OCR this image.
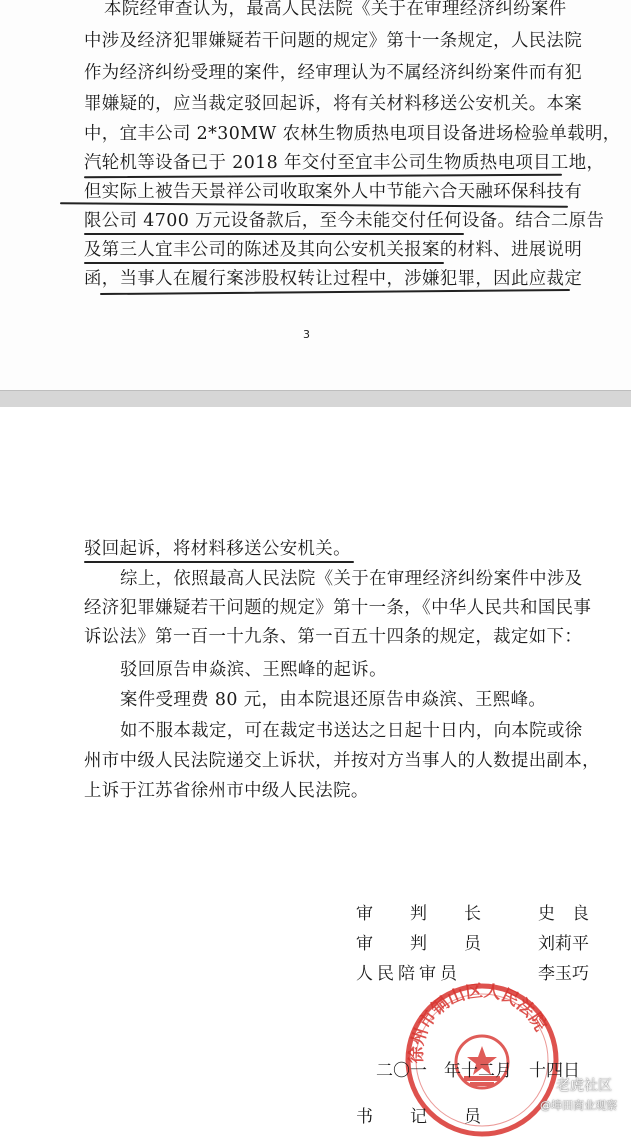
本院经审查认为，最高人民法院《关于在审理经济纠纷案件
中涉及经济犯罪嫌疑若干问题的规定》第十一条规定，人民法院
作为经济纠纷受理的案件，经审理认为不属经济纠纷案件而有犯
罪嫌疑的，应当裁定驳回起诉，将有关材料移送公安机关。本案
中，宜丰公司 2*30MW 农林生物质热电项目设备进场检验单载明，
汽轮机等设备已于 2018 年交付至宜丰公司生物质热电项目工地，
但实际上被告天景祥公司收取案外人中节能六合天融环保科技有
限公司 4700 万元设备款后，至今未能交付任何设备。结合二原告
及第三人宜丰公司的陈述及其向公安机关报案的材料、进展说明
函，当事人在履行案涉股权转让过程中，涉嫌犯罪，因此应裁定
3
驳回起诉，将材料移送公安机关。
综上，依照最高人民法院《关于在审理经济纠纷案件中涉及
经济犯罪嫌疑若干问题的规定》第十一条，《中华人民共和国民事
诉讼法》第一百一十九条、第一百五十四条的规定，裁定如下：
驳回原告申焱滨、王熙峰的起诉。
案件受理费 80 元，由本院退还原告申焱滨、王熙峰。
如不服本裁定，可在裁定书送达之日起十日内，向本院或徐
州市中级人民法院递交上诉状，并按对方当事人的人数提出副本，
上诉于江苏省徐州市中级人民法院。
审　　判　　长	史　良
审　　判　　员	刘莉平
人民陪审员	李玉巧
徐州市铜山区人民法院
二〇一　年十二月　十四日
书　　记　　员
老虎社区
@埠田商业观察
